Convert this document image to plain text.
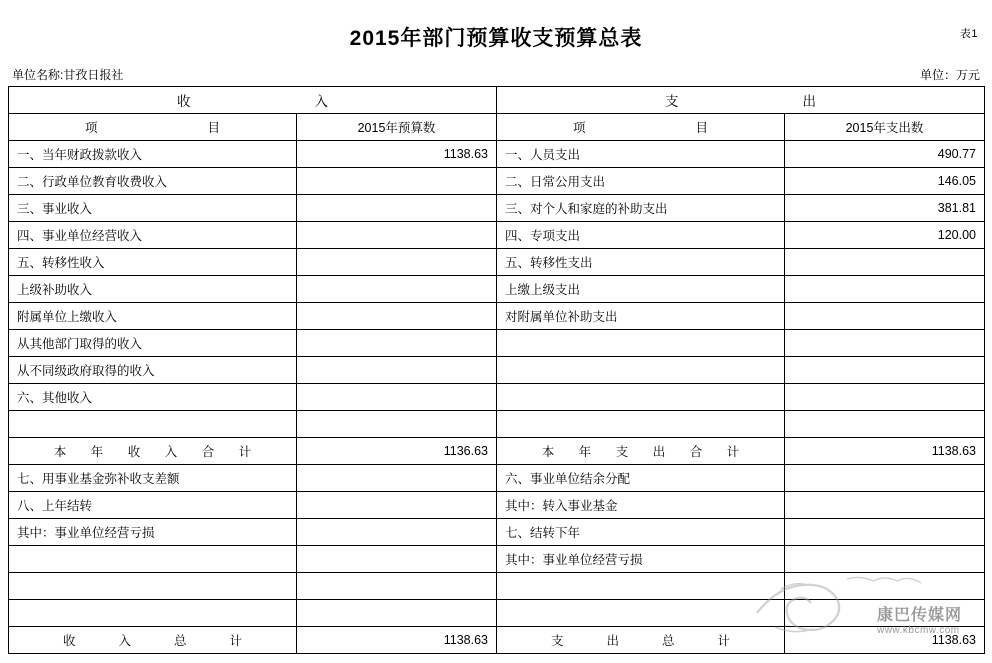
表1
2015年部门预算收支预算总表
单位名称:甘孜日报社	单位：万元
收　　　　入		支　　　　出	
项　　　　目	2015年预算数	项　　　　目	2015年支出数
一、当年财政拨款收入	1138.63	一、人员支出	490.77
二、行政单位教育收费收入		二、日常公用支出	146.05
三、事业收入		三、对个人和家庭的补助支出	381.81
四、事业单位经营收入		四、专项支出	120.00
五、转移性收入		五、转移性支出	
上级补助收入		上缴上级支出	
附属单位上缴收入		对附属单位补助支出	
从其他部门取得的收入			
从不同级政府取得的收入			
六、其他收入			

本　年　收　入　合　计	1136.63	本　年　支　出　合　计	1138.63
七、用事业基金弥补收支差额		六、事业单位结余分配	
八、上年结转		其中：转入事业基金	
其中：事业单位经营亏损		七、结转下年	
		其中：事业单位经营亏损	

收　　入　　总　　计	1138.63	支　　出　　总　　计	1138.63
康巴传媒网
www.kbcmw.com
